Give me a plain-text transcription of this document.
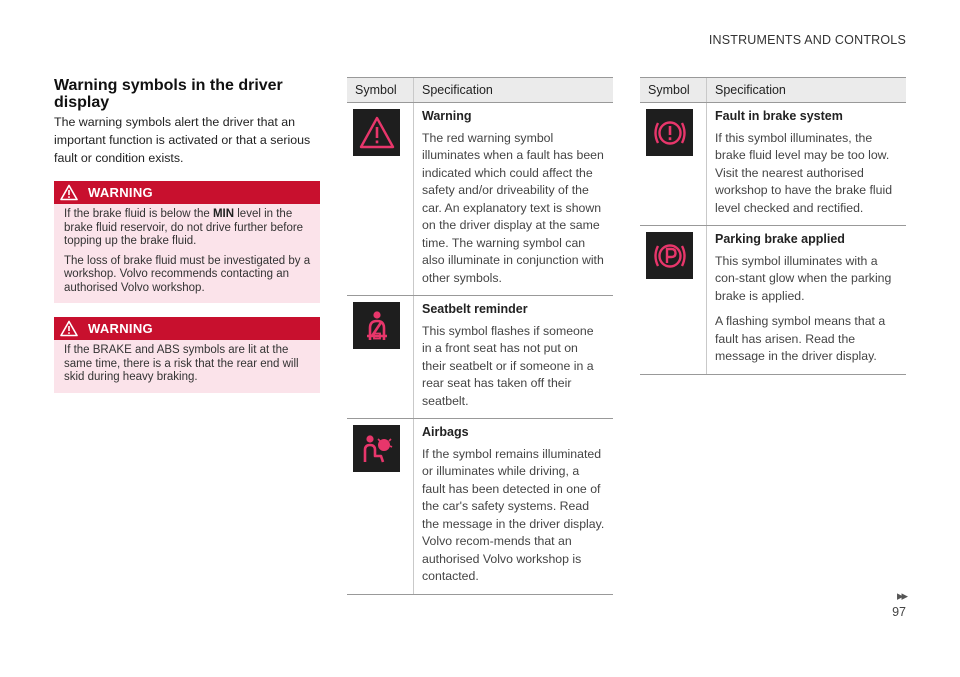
INSTRUMENTS AND CONTROLS
Warning symbols in the driver display

The warning symbols alert the driver that an important function is activated or that a serious fault or condition exists.

WARNING

If the brake fluid is below the MIN level in the brake fluid reservoir, do not drive further before topping up the brake fluid.

The loss of brake fluid must be investigated by a workshop. Volvo recommends contacting an authorised Volvo workshop.

WARNING

If the BRAKE and ABS symbols are lit at the same time, there is a risk that the rear end will skid during heavy braking.

Symbol	Specification

Warning

The red warning symbol illuminates when a fault has been indicated which could affect the safety and/or driveability of the car. An explanatory text is shown on the driver display at the same time. The warning symbol can also illuminate in conjunction with other symbols.

Seatbelt reminder

This symbol flashes if someone in a front seat has not put on their seatbelt or if someone in a rear seat has taken off their seatbelt.

Airbags

If the symbol remains illuminated or illuminates while driving, a fault has been detected in one of the car's safety systems. Read the message in the driver display. Volvo recom-mends that an authorised Volvo workshop is contacted.

Symbol	Specification

Fault in brake system

If this symbol illuminates, the brake fluid level may be too low. Visit the nearest authorised workshop to have the brake fluid level checked and rectified.

Parking brake applied

This symbol illuminates with a con-stant glow when the parking brake is applied.

A flashing symbol means that a fault has arisen. Read the message in the driver display.

▸▸
97
